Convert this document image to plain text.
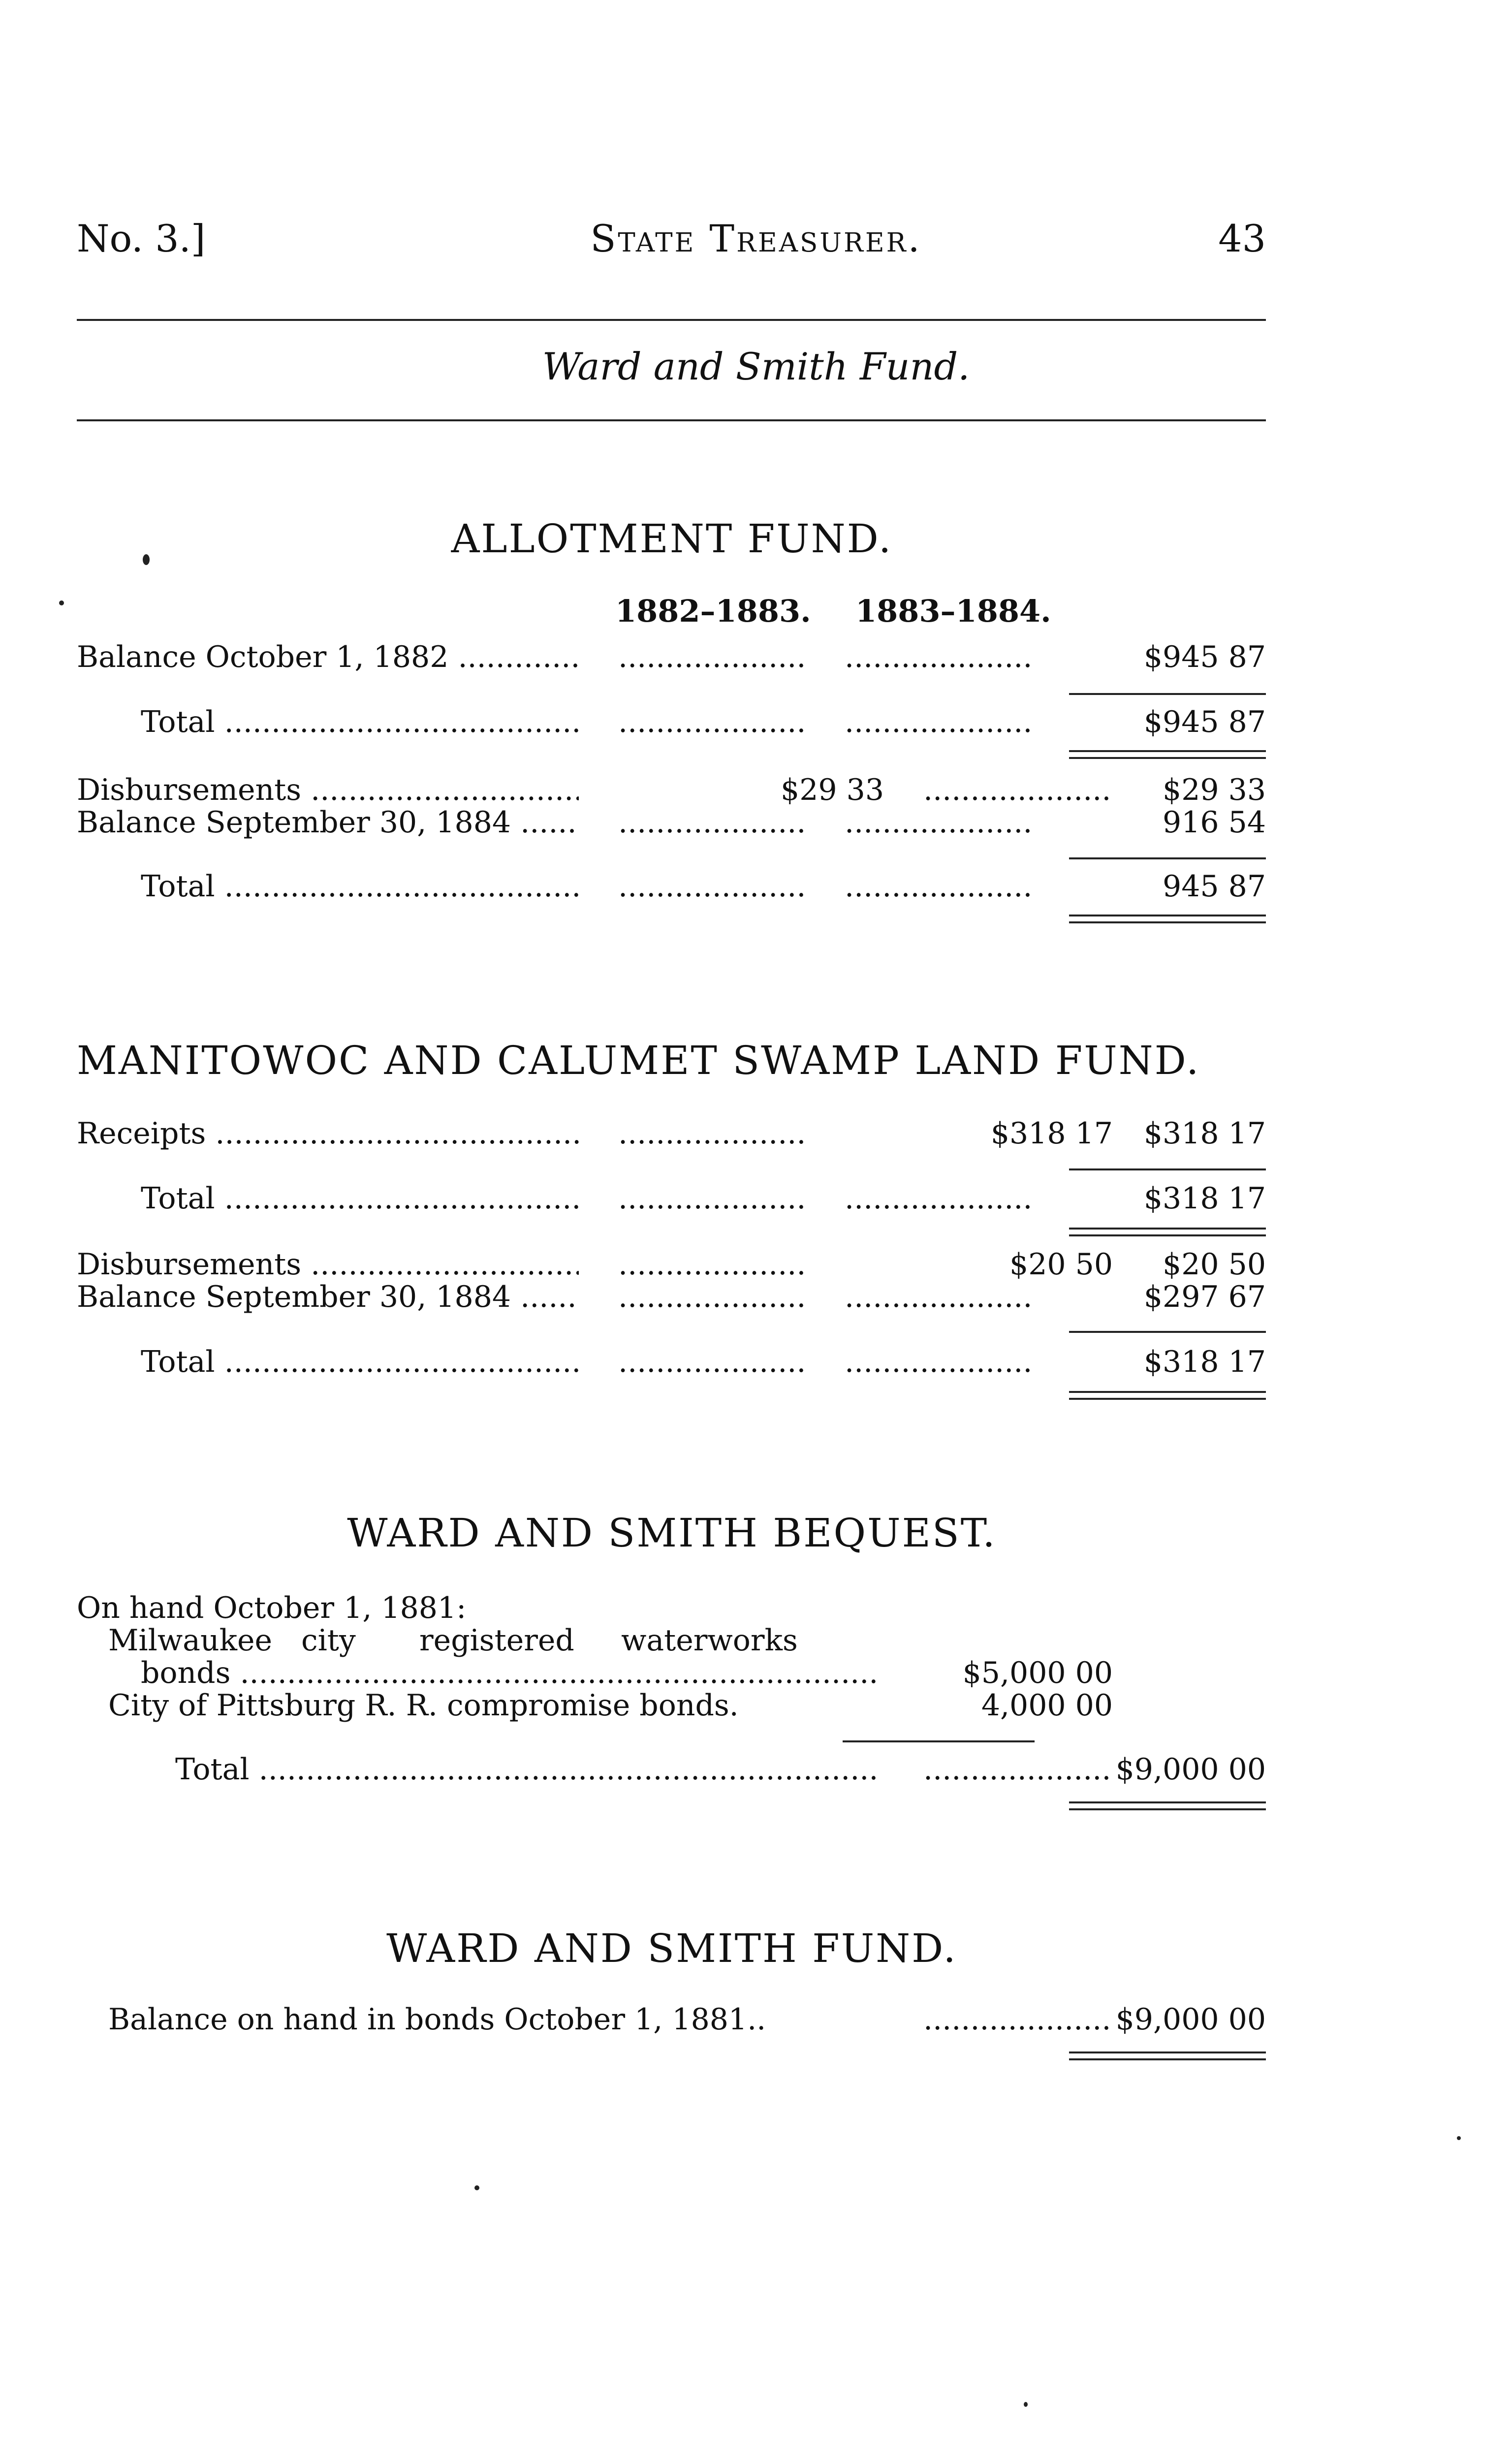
No. 3.]	State Treasurer.	43
Ward and Smith Fund.
ALLOTMENT FUND.
1882–1883. 1883–1884.
Balance October 1, 1882 ..... ..... .....	$945 87
Total ..... ..... .....	$945 87
Disbursements .....	$29 33 .....	$29 33
Balance September 30, 1884 ..... ..... .....	916 54
Total ..... ..... .....	945 87
MANITOWOC AND CALUMET SWAMP LAND FUND.
Receipts ..... .....	$318 17 $318 17
Total ..... ..... .....	$318 17
Disbursements ..... .....	$20 50 $20 50
Balance September 30, 1884 ..... ..... .....	$297 67
Total ..... ..... .....	$318 17
WARD AND SMITH BEQUEST.
On hand October 1, 1881:
Milwaukee city registered waterworks
bonds .....	$5,000 00
City of Pittsburg R. R. compromise bonds.	4,000 00
Total ..... .....	$9,000 00
WARD AND SMITH FUND.
Balance on hand in bonds October 1, 1881.. .....	$9,000 00
